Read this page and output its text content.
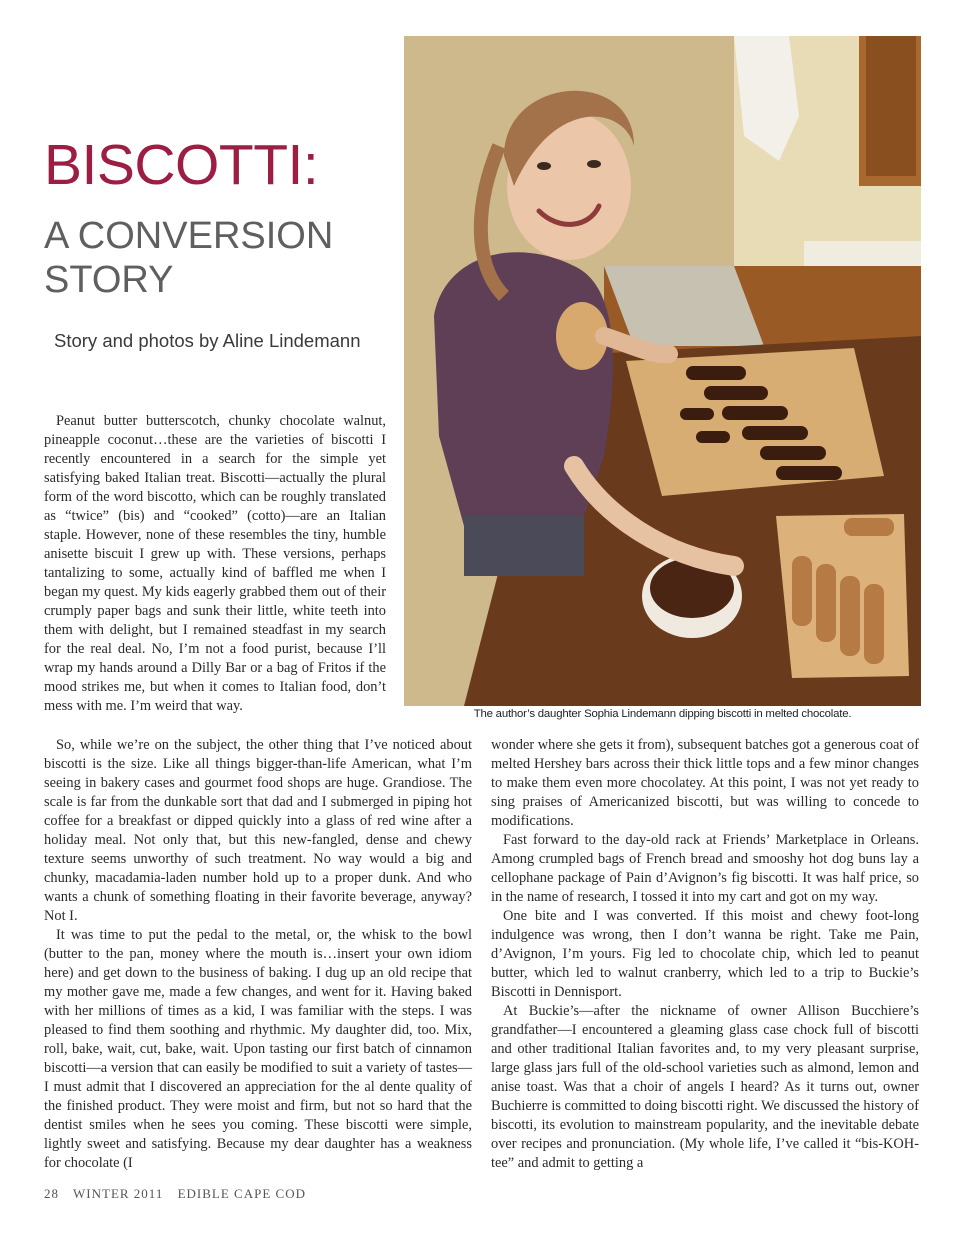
BISCOTTI:
A CONVERSION STORY

Story and photos by Aline Lindemann

The author’s daughter Sophia Lindemann dipping biscotti in melted chocolate.

Peanut butter butterscotch, chunky chocolate walnut, pineapple coconut…these are the varieties of biscotti I recently encountered in a search for the simple yet satisfying baked Italian treat. Biscotti—actually the plural form of the word biscotto, which can be roughly translated as “twice” (bis) and “cooked” (cotto)—are an Italian staple. However, none of these resembles the tiny, humble anisette biscuit I grew up with. These versions, perhaps tantalizing to some, actually kind of baffled me when I began my quest. My kids eagerly grabbed them out of their crumply paper bags and sunk their little, white teeth into them with delight, but I remained steadfast in my search for the real deal. No, I’m not a food purist, because I’ll wrap my hands around a Dilly Bar or a bag of Fritos if the mood strikes me, but when it comes to Italian food, don’t mess with me. I’m weird that way.

So, while we’re on the subject, the other thing that I’ve noticed about biscotti is the size. Like all things bigger-than-life American, what I’m seeing in bakery cases and gourmet food shops are huge. Grandiose. The scale is far from the dunkable sort that dad and I submerged in piping hot coffee for a breakfast or dipped quickly into a glass of red wine after a holiday meal. Not only that, but this new-fangled, dense and chewy texture seems unworthy of such treatment. No way would a big and chunky, macadamia-laden number hold up to a proper dunk. And who wants a chunk of something floating in their favorite beverage, anyway? Not I.

It was time to put the pedal to the metal, or, the whisk to the bowl (butter to the pan, money where the mouth is…insert your own idiom here) and get down to the business of baking. I dug up an old recipe that my mother gave me, made a few changes, and went for it. Having baked with her millions of times as a kid, I was familiar with the steps. I was pleased to find them soothing and rhythmic. My daughter did, too. Mix, roll, bake, wait, cut, bake, wait. Upon tasting our first batch of cinnamon biscotti—a version that can easily be modified to suit a variety of tastes—I must admit that I discovered an appreciation for the al dente quality of the finished product. They were moist and firm, but not so hard that the dentist smiles when he sees you coming. These biscotti were simple, lightly sweet and satisfying. Because my dear daughter has a weakness for chocolate (I

wonder where she gets it from), subsequent batches got a generous coat of melted Hershey bars across their thick little tops and a few minor changes to make them even more chocolatey. At this point, I was not yet ready to sing praises of Americanized biscotti, but was willing to concede to modifications.

Fast forward to the day-old rack at Friends’ Marketplace in Orleans. Among crumpled bags of French bread and smooshy hot dog buns lay a cellophane package of Pain d’Avignon’s fig biscotti. It was half price, so in the name of research, I tossed it into my cart and got on my way.

One bite and I was converted. If this moist and chewy foot-long indulgence was wrong, then I don’t wanna be right. Take me Pain, d’Avignon, I’m yours. Fig led to chocolate chip, which led to peanut butter, which led to walnut cranberry, which led to a trip to Buckie’s Biscotti in Dennisport.

At Buckie’s—after the nickname of owner Allison Bucchiere’s grandfather—I encountered a gleaming glass case chock full of biscotti and other traditional Italian favorites and, to my very pleasant surprise, large glass jars full of the old-school varieties such as almond, lemon and anise toast. Was that a choir of angels I heard? As it turns out, owner Buchierre is committed to doing biscotti right. We discussed the history of biscotti, its evolution to mainstream popularity, and the inevitable debate over recipes and pronunciation. (My whole life, I’ve called it “bis-KOH-tee” and admit to getting a

28 WINTER 2011 EDIBLE CAPE COD
